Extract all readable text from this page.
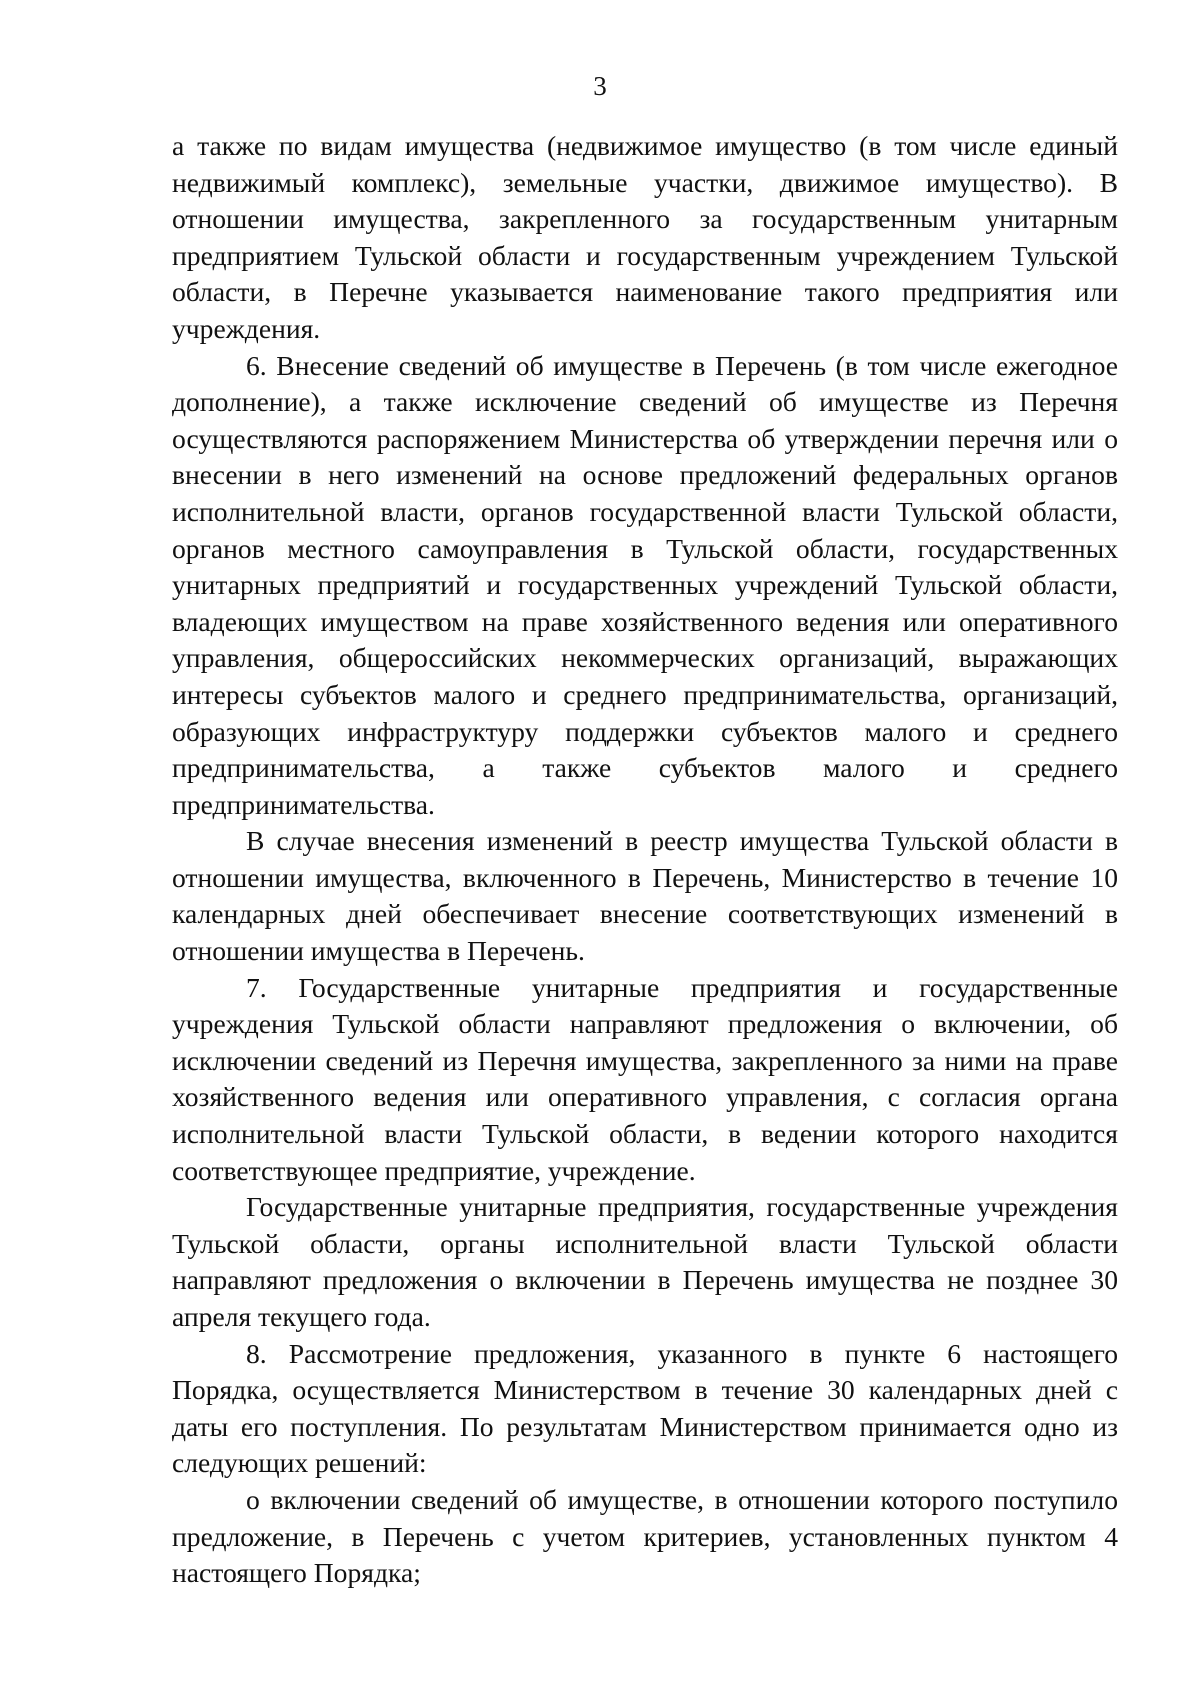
3

а также по видам имущества (недвижимое имущество (в том числе единый недвижимый комплекс), земельные участки, движимое имущество). В отношении имущества, закрепленного за государственным унитарным предприятием Тульской области и государственным учреждением Тульской области, в Перечне указывается наименование такого предприятия или учреждения.

6. Внесение сведений об имуществе в Перечень (в том числе ежегодное дополнение), а также исключение сведений об имуществе из Перечня осуществляются распоряжением Министерства об утверждении перечня или о внесении в него изменений на основе предложений федеральных органов исполнительной власти, органов государственной власти Тульской области, органов местного самоуправления в Тульской области, государственных унитарных предприятий и государственных учреждений Тульской области, владеющих имуществом на праве хозяйственного ведения или оперативного управления, общероссийских некоммерческих организаций, выражающих интересы субъектов малого и среднего предпринимательства, организаций, образующих инфраструктуру поддержки субъектов малого и среднего предпринимательства, а также субъектов малого и среднего предпринимательства.

В случае внесения изменений в реестр имущества Тульской области в отношении имущества, включенного в Перечень, Министерство в течение 10 календарных дней обеспечивает внесение соответствующих изменений в отношении имущества в Перечень.

7. Государственные унитарные предприятия и государственные учреждения Тульской области направляют предложения о включении, об исключении сведений из Перечня имущества, закрепленного за ними на праве хозяйственного ведения или оперативного управления, с согласия органа исполнительной власти Тульской области, в ведении которого находится соответствующее предприятие, учреждение.

Государственные унитарные предприятия, государственные учреждения Тульской области, органы исполнительной власти Тульской области направляют предложения о включении в Перечень имущества не позднее 30 апреля текущего года.

8. Рассмотрение предложения, указанного в пункте 6 настоящего Порядка, осуществляется Министерством в течение 30 календарных дней с даты его поступления. По результатам Министерством принимается одно из следующих решений:

о включении сведений об имуществе, в отношении которого поступило предложение, в Перечень с учетом критериев, установленных пунктом 4 настоящего Порядка;
